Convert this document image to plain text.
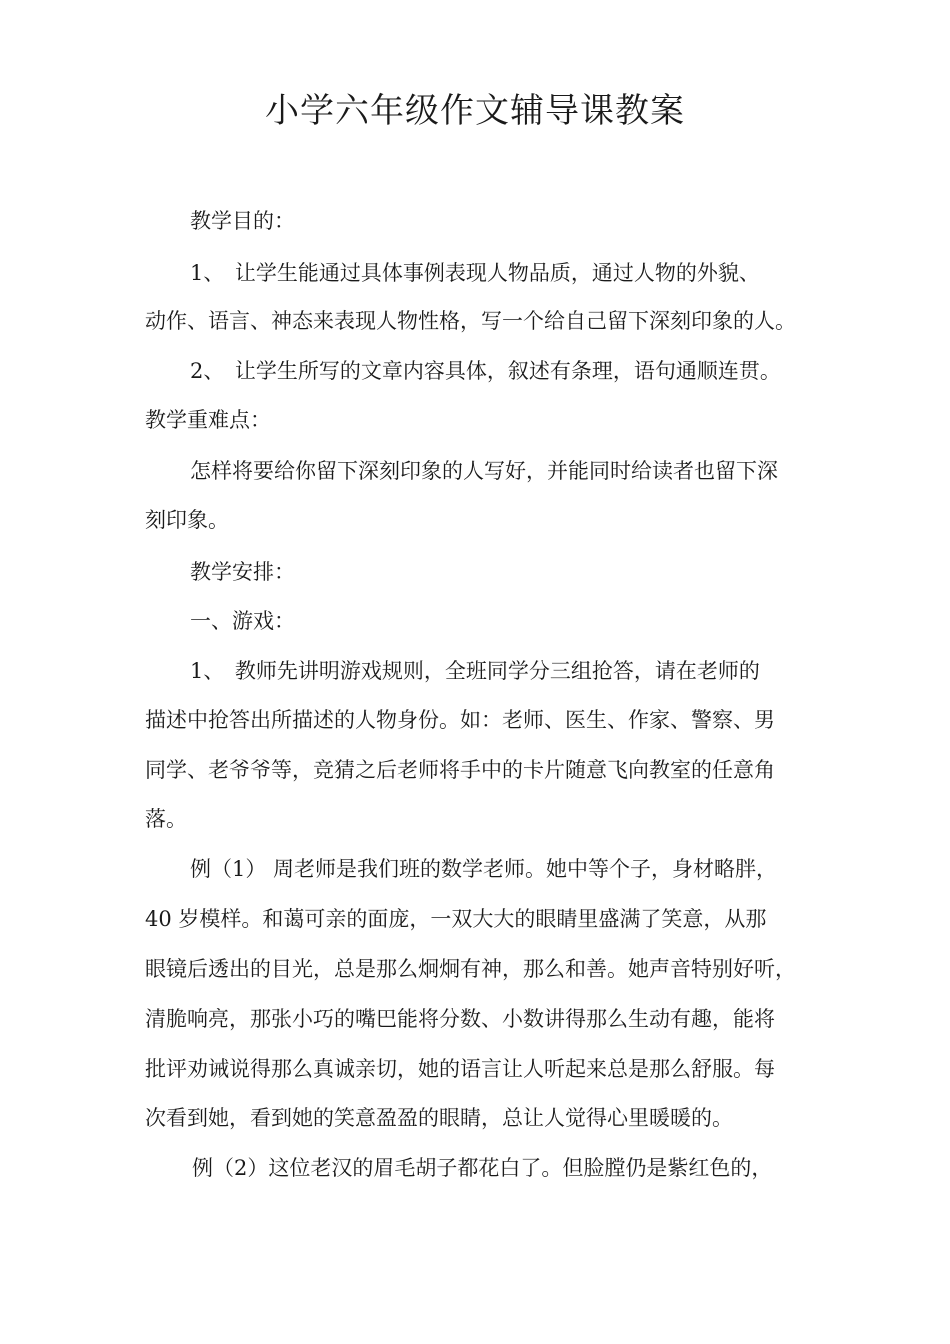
小学六年级作文辅导课教案

教学目的：

1、　让学生能通过具体事例表现人物品质，通过人物的外貌、

动作、语言、神态来表现人物性格，写一个给自己留下深刻印象的人。

2、　让学生所写的文章内容具体，叙述有条理，语句通顺连贯。

教学重难点：

怎样将要给你留下深刻印象的人写好，并能同时给读者也留下深

刻印象。

教学安排：

一、游戏：

1、　教师先讲明游戏规则，全班同学分三组抢答，请在老师的

描述中抢答出所描述的人物身份。如：老师、医生、作家、警察、男

同学、老爷爷等，竞猜之后老师将手中的卡片随意飞向教室的任意角

落。

例（1） 周老师是我们班的数学老师。她中等个子，身材略胖，

40 岁模样。和蔼可亲的面庞，一双大大的眼睛里盛满了笑意，从那

眼镜后透出的目光，总是那么炯炯有神，那么和善。她声音特别好听，

清脆响亮，那张小巧的嘴巴能将分数、小数讲得那么生动有趣，能将

批评劝诫说得那么真诚亲切，她的语言让人听起来总是那么舒服。每

次看到她，看到她的笑意盈盈的眼睛，总让人觉得心里暖暖的。

例（2）这位老汉的眉毛胡子都花白了。但脸膛仍是紫红色的，
